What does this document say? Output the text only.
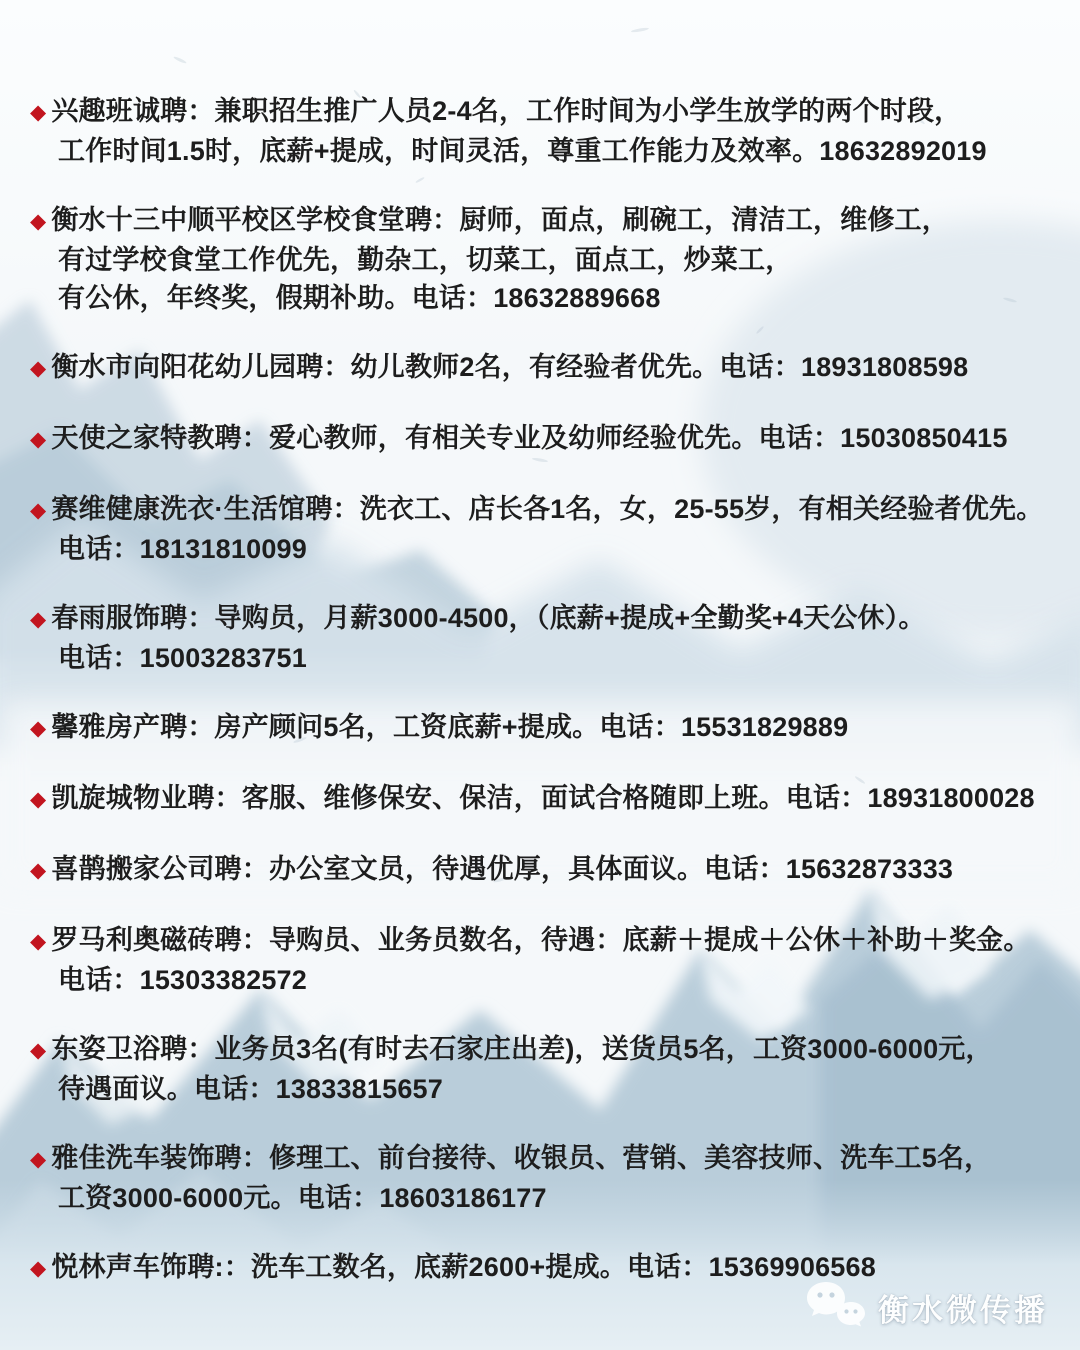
◆ 兴趣班诚聘：兼职招生推广人员2-4名，工作时间为小学生放学的两个时段，
工作时间1.5时，底薪+提成，时间灵活，尊重工作能力及效率。18632892019
◆ 衡水十三中顺平校区学校食堂聘：厨师，面点，刷碗工，清洁工，维修工，
有过学校食堂工作优先，勤杂工，切菜工，面点工，炒菜工，
有公休，年终奖，假期补助。电话：18632889668
◆ 衡水市向阳花幼儿园聘：幼儿教师2名，有经验者优先。电话：18931808598
◆ 天使之家特教聘：爱心教师，有相关专业及幼师经验优先。电话：15030850415
◆ 赛维健康洗衣·生活馆聘：洗衣工、店长各1名，女，25-55岁，有相关经验者优先。
电话：18131810099
◆ 春雨服饰聘：导购员，月薪3000-4500，（底薪+提成+全勤奖+4天公休）。
电话：15003283751
◆ 馨雅房产聘：房产顾问5名，工资底薪+提成。电话：15531829889
◆ 凯旋城物业聘：客服、维修保安、保洁，面试合格随即上班。电话：18931800028
◆ 喜鹊搬家公司聘：办公室文员，待遇优厚，具体面议。电话：15632873333
◆ 罗马利奥磁砖聘：导购员、业务员数名，待遇：底薪＋提成＋公休＋补助＋奖金。
电话：15303382572
◆ 东姿卫浴聘：业务员3名(有时去石家庄出差)，送货员5名，工资3000-6000元，
待遇面议。电话：13833815657
◆ 雅佳洗车装饰聘：修理工、前台接待、收银员、营销、美容技师、洗车工5名，
工资3000-6000元。电话：18603186177
◆ 悦林声车饰聘:：洗车工数名，底薪2600+提成。电话：15369906568
衡水微传播
